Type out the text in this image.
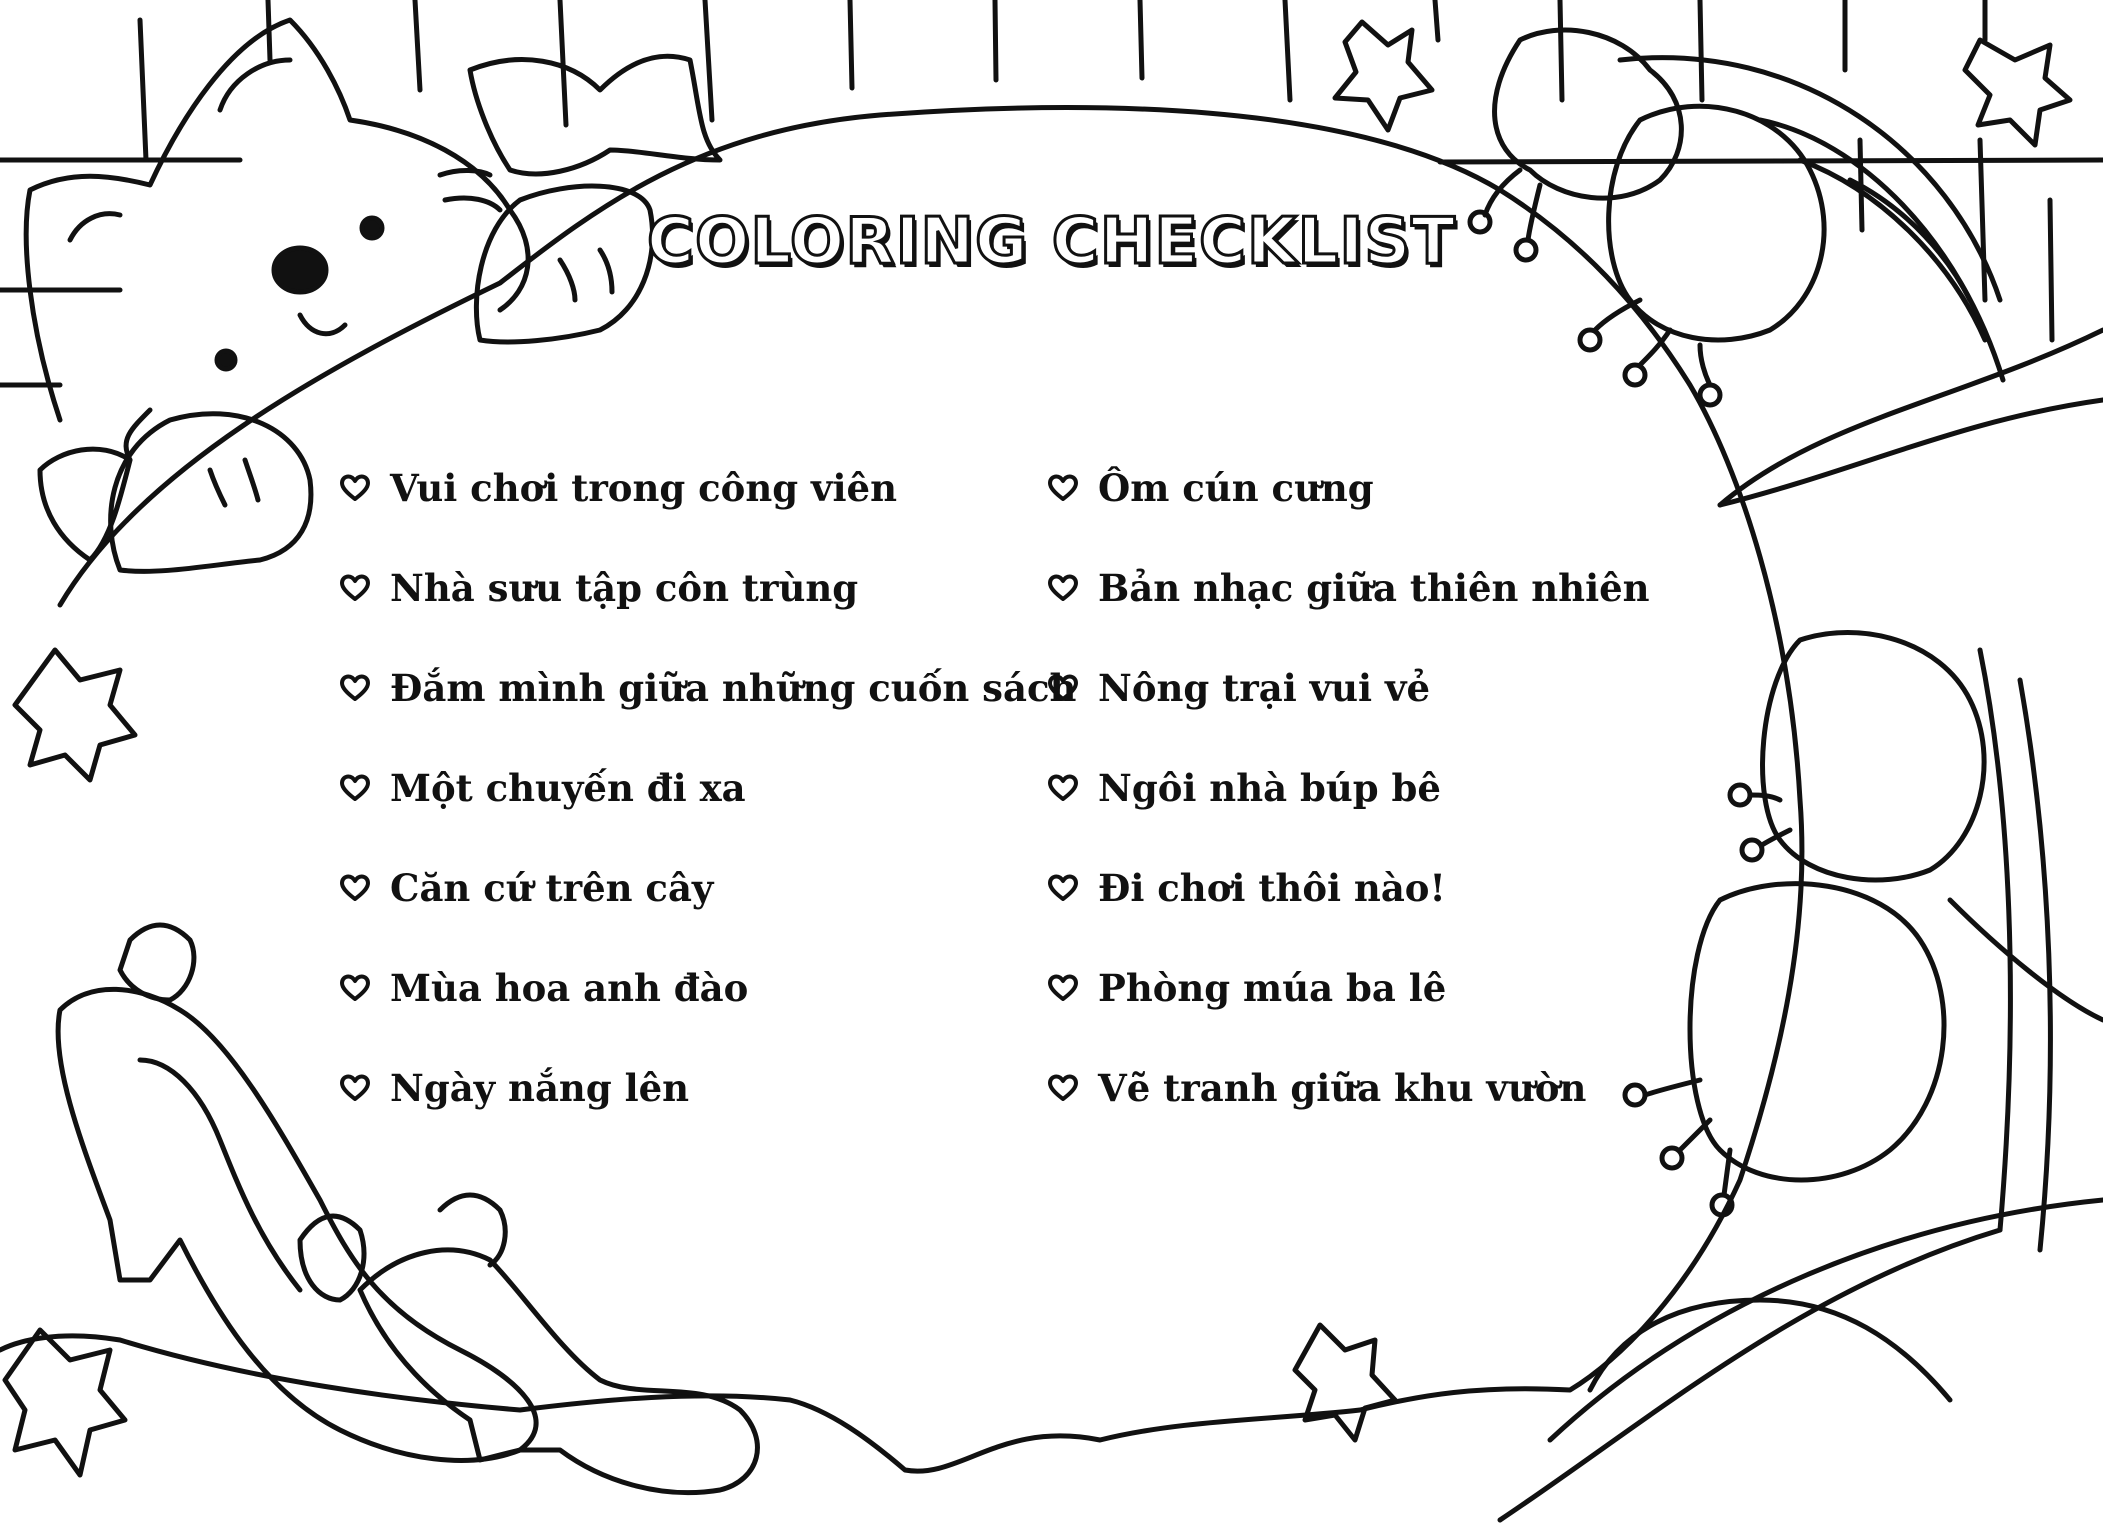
COLORING CHECKLIST
Vui chơi trong công viên
Nhà sưu tập côn trùng
Đắm mình giữa những cuốn sách
Một chuyến đi xa
Căn cứ trên cây
Mùa hoa anh đào
Ngày nắng lên
Ôm cún cưng
Bản nhạc giữa thiên nhiên
Nông trại vui vẻ
Ngôi nhà búp bê
Đi chơi thôi nào!
Phòng múa ba lê
Vẽ tranh giữa khu vườn
